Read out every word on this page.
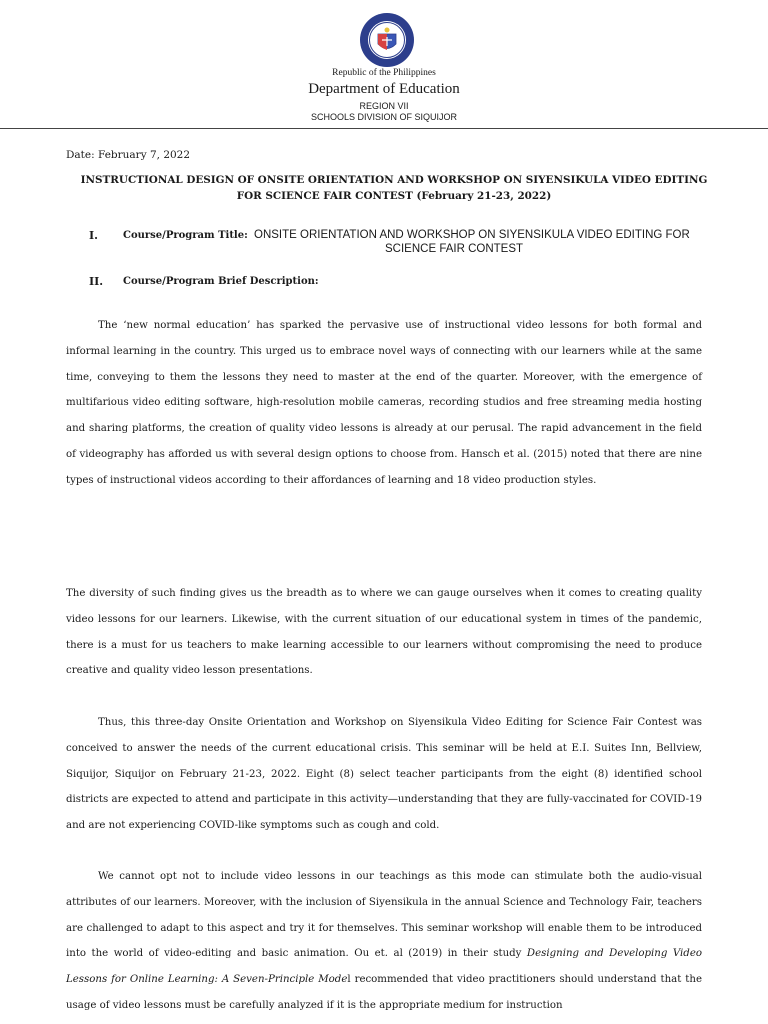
Republic of the Philippines
Department of Education
REGION VII
SCHOOLS DIVISION OF SIQUIJOR
Date: February 7, 2022
INSTRUCTIONAL DESIGN OF ONSITE ORIENTATION AND WORKSHOP ON SIYENSIKULA VIDEO EDITING
FOR SCIENCE FAIR CONTEST (February 21-23, 2022)
I.	Course/Program Title: ONSITE ORIENTATION AND WORKSHOP ON SIYENSIKULA VIDEO EDITING FOR
SCIENCE FAIR CONTEST
II. Course/Program Brief Description:
The ‘new normal education’ has sparked the pervasive use of instructional video lessons for both formal and informal learning in the country. This urged us to embrace novel ways of connecting with our learners while at the same time, conveying to them the lessons they need to master at the end of the quarter. Moreover, with the emergence of multifarious video editing software, high-resolution mobile cameras, recording studios and free streaming media hosting and sharing platforms, the creation of quality video lessons is already at our perusal. The rapid advancement in the field of videography has afforded us with several design options to choose from. Hansch et al. (2015) noted that there are nine types of instructional videos according to their affordances of learning and 18 video production styles.
The diversity of such finding gives us the breadth as to where we can gauge ourselves when it comes to creating quality video lessons for our learners. Likewise, with the current situation of our educational system in times of the pandemic, there is a must for us teachers to make learning accessible to our learners without compromising the need to produce creative and quality video lesson presentations.
Thus, this three-day Onsite Orientation and Workshop on Siyensikula Video Editing for Science Fair Contest was conceived to answer the needs of the current educational crisis. This seminar will be held at E.I. Suites Inn, Bellview, Siquijor, Siquijor on February 21-23, 2022. Eight (8) select teacher participants from the eight (8) identified school districts are expected to attend and participate in this activity—understanding that they are fully-vaccinated for COVID-19 and are not experiencing COVID-like symptoms such as cough and cold.
We cannot opt not to include video lessons in our teachings as this mode can stimulate both the audio-visual attributes of our learners. Moreover, with the inclusion of Siyensikula in the annual Science and Technology Fair, teachers are challenged to adapt to this aspect and try it for themselves. This seminar workshop will enable them to be introduced into the world of video-editing and basic animation. Ou et. al (2019) in their study Designing and Developing Video Lessons for Online Learning: A Seven-Principle Model recommended that video practitioners should understand that the usage of video lessons must be carefully analyzed if it is the appropriate medium for instruction
